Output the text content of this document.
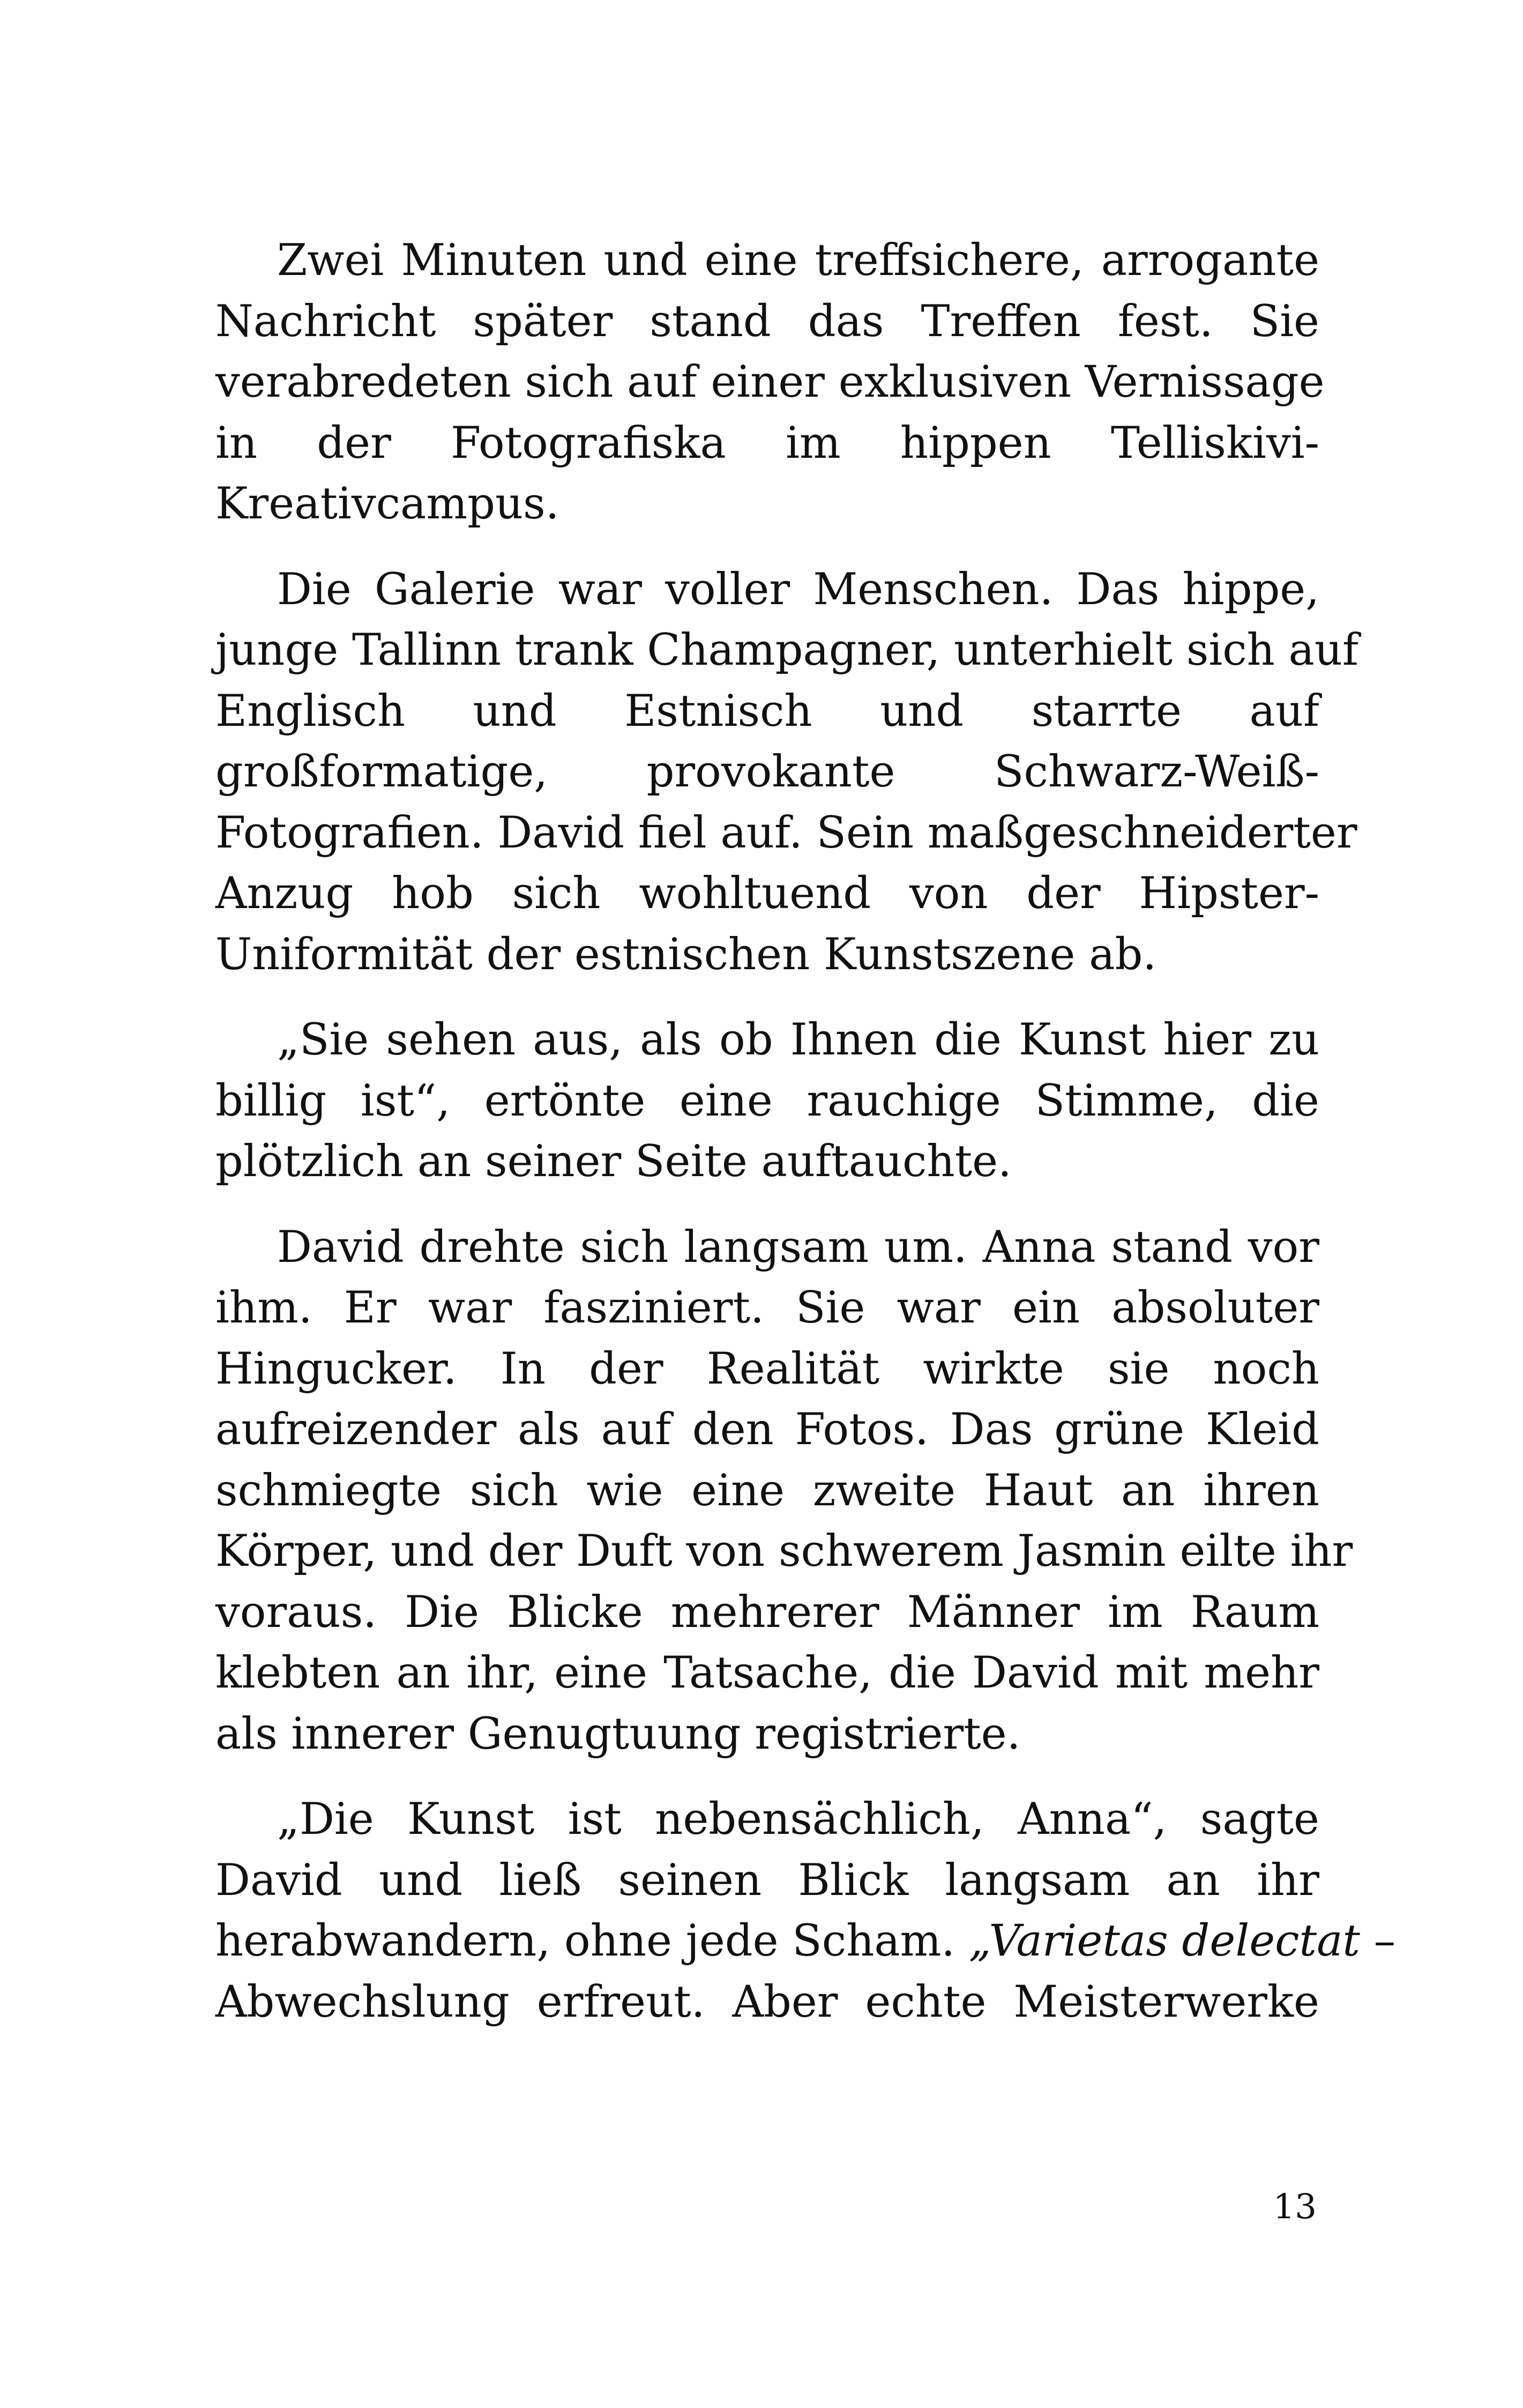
Zwei Minuten und eine treffsichere, arrogante
Nachricht später stand das Treffen fest. Sie
verabredeten sich auf einer exklusiven Vernissage
in der Fotografiska im hippen Telliskivi-
Kreativcampus.

Die Galerie war voller Menschen. Das hippe,
junge Tallinn trank Champagner, unterhielt sich auf
Englisch und Estnisch und starrte auf
großformatige, provokante Schwarz-Weiß-
Fotografien. David fiel auf. Sein maßgeschneiderter
Anzug hob sich wohltuend von der Hipster-
Uniformität der estnischen Kunstszene ab.

„Sie sehen aus, als ob Ihnen die Kunst hier zu
billig ist“, ertönte eine rauchige Stimme, die
plötzlich an seiner Seite auftauchte.

David drehte sich langsam um. Anna stand vor
ihm. Er war fasziniert. Sie war ein absoluter
Hingucker. In der Realität wirkte sie noch
aufreizender als auf den Fotos. Das grüne Kleid
schmiegte sich wie eine zweite Haut an ihren
Körper, und der Duft von schwerem Jasmin eilte ihr
voraus. Die Blicke mehrerer Männer im Raum
klebten an ihr, eine Tatsache, die David mit mehr
als innerer Genugtuung registrierte.

„Die Kunst ist nebensächlich, Anna“, sagte
David und ließ seinen Blick langsam an ihr
herabwandern, ohne jede Scham. „Varietas delectat –
Abwechslung erfreut. Aber echte Meisterwerke

13
